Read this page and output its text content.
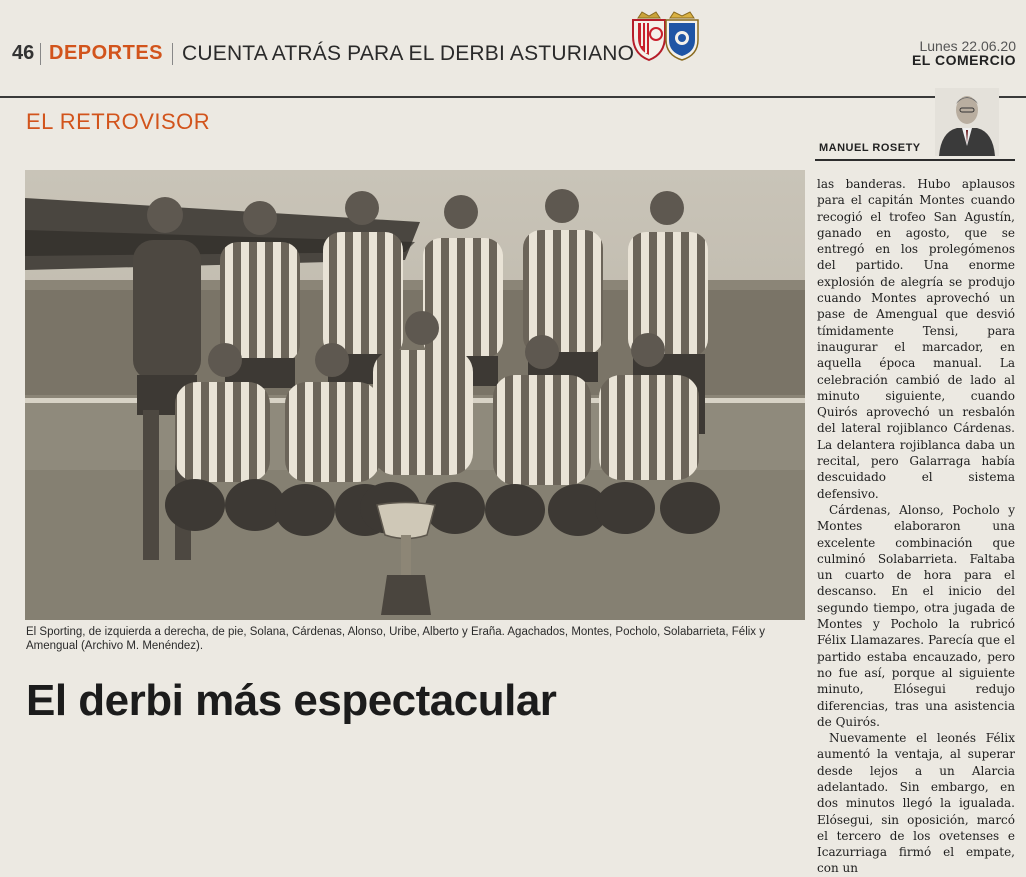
46 DEPORTES CUENTA ATRÁS PARA EL DERBI ASTURIANO	Lunes 22.06.20
EL COMERCIO
EL RETROVISOR
MANUEL ROSETY

El Sporting, de izquierda a derecha, de pie, Solana, Cárdenas, Alonso, Uribe, Alberto y Eraña. Agachados, Montes, Pocholo, Solabarrieta, Félix y Amengual (Archivo M. Menéndez).

El derbi más espectacular

las banderas. Hubo aplausos para el capitán Montes cuando recogió el trofeo San Agustín, ganado en agosto, que se entregó en los prolegómenos del partido. Una enorme explosión de alegría se produjo cuando Montes aprovechó un pase de Amengual que desvió tímidamente Tensi, para inaugurar el marcador, en aquella época manual. La celebración cambió de lado al minuto siguiente, cuando Quirós aprovechó un resbalón del lateral rojiblanco Cárdenas. La delantera rojiblanca daba un recital, pero Galarraga había descuidado el sistema defensivo.

Cárdenas, Alonso, Pocholo y Montes elaboraron una excelente combinación que culminó Solabarrieta. Faltaba un cuarto de hora para el descanso. En el inicio del segundo tiempo, otra jugada de Montes y Pocholo la rubricó Félix Llamazares. Parecía que el partido estaba encauzado, pero no fue así, porque al siguiente minuto, Elósegui redujo diferencias, tras una asistencia de Quirós.

Nuevamente el leonés Félix aumentó la ventaja, al superar desde lejos a un Alarcia adelantado. Sin embargo, en dos minutos llegó la igualada. Elósegui, sin oposición, marcó el tercero de los ovetenses e Icazurriaga firmó el empate, con un
